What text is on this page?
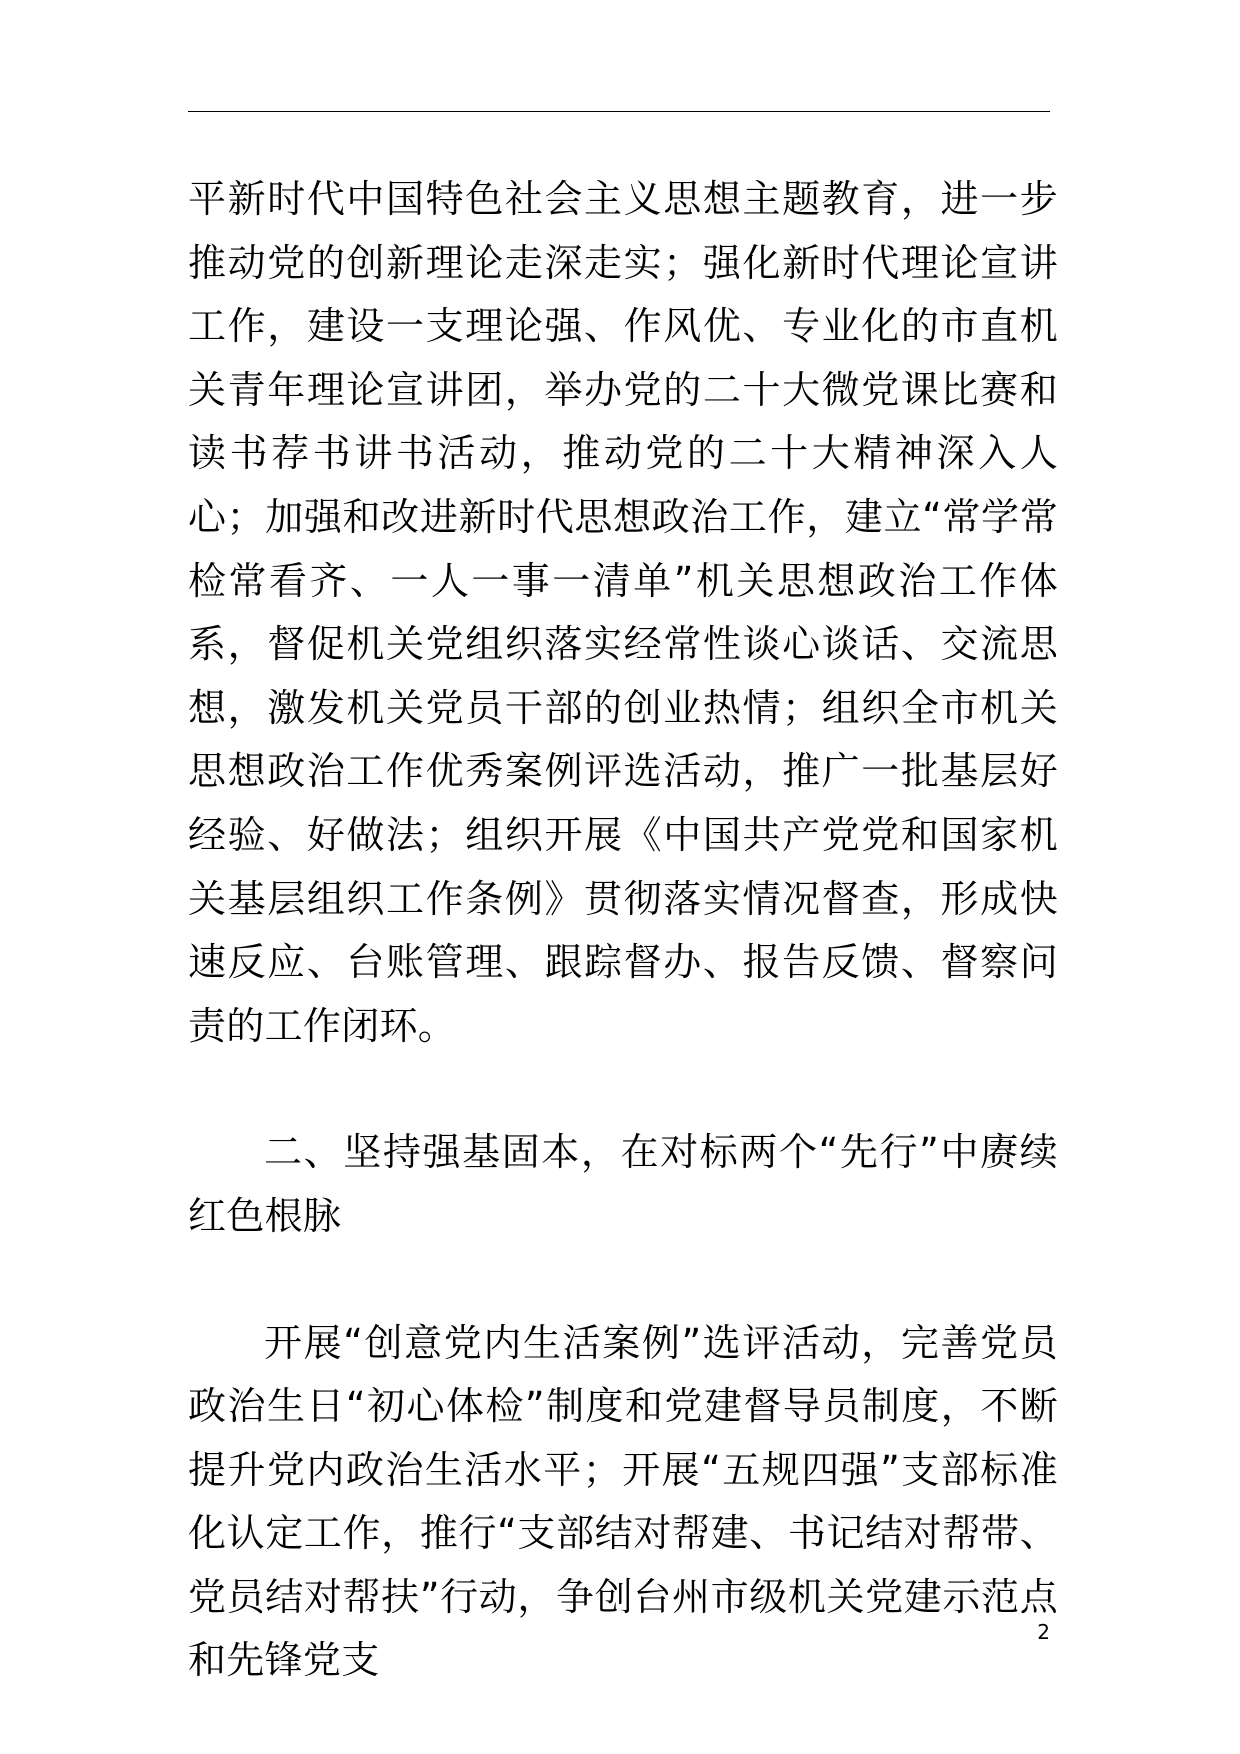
平新时代中国特色社会主义思想主题教育，进一步推动党的创新理论走深走实；强化新时代理论宣讲工作，建设一支理论强、作风优、专业化的市直机关青年理论宣讲团，举办党的二十大微党课比赛和读书荐书讲书活动，推动党的二十大精神深入人心；加强和改进新时代思想政治工作，建立“常学常检常看齐、一人一事一清单”机关思想政治工作体系，督促机关党组织落实经常性谈心谈话、交流思想，激发机关党员干部的创业热情；组织全市机关思想政治工作优秀案例评选活动，推广一批基层好经验、好做法；组织开展《中国共产党党和国家机关基层组织工作条例》贯彻落实情况督查，形成快速反应、台账管理、跟踪督办、报告反馈、督察问责的工作闭环。

二、坚持强基固本，在对标两个“先行”中赓续红色根脉

开展“创意党内生活案例”选评活动，完善党员政治生日“初心体检”制度和党建督导员制度，不断提升党内政治生活水平；开展“五规四强”支部标准化认定工作，推行“支部结对帮建、书记结对帮带、党员结对帮扶”行动，争创台州市级机关党建示范点和先锋党支

2
